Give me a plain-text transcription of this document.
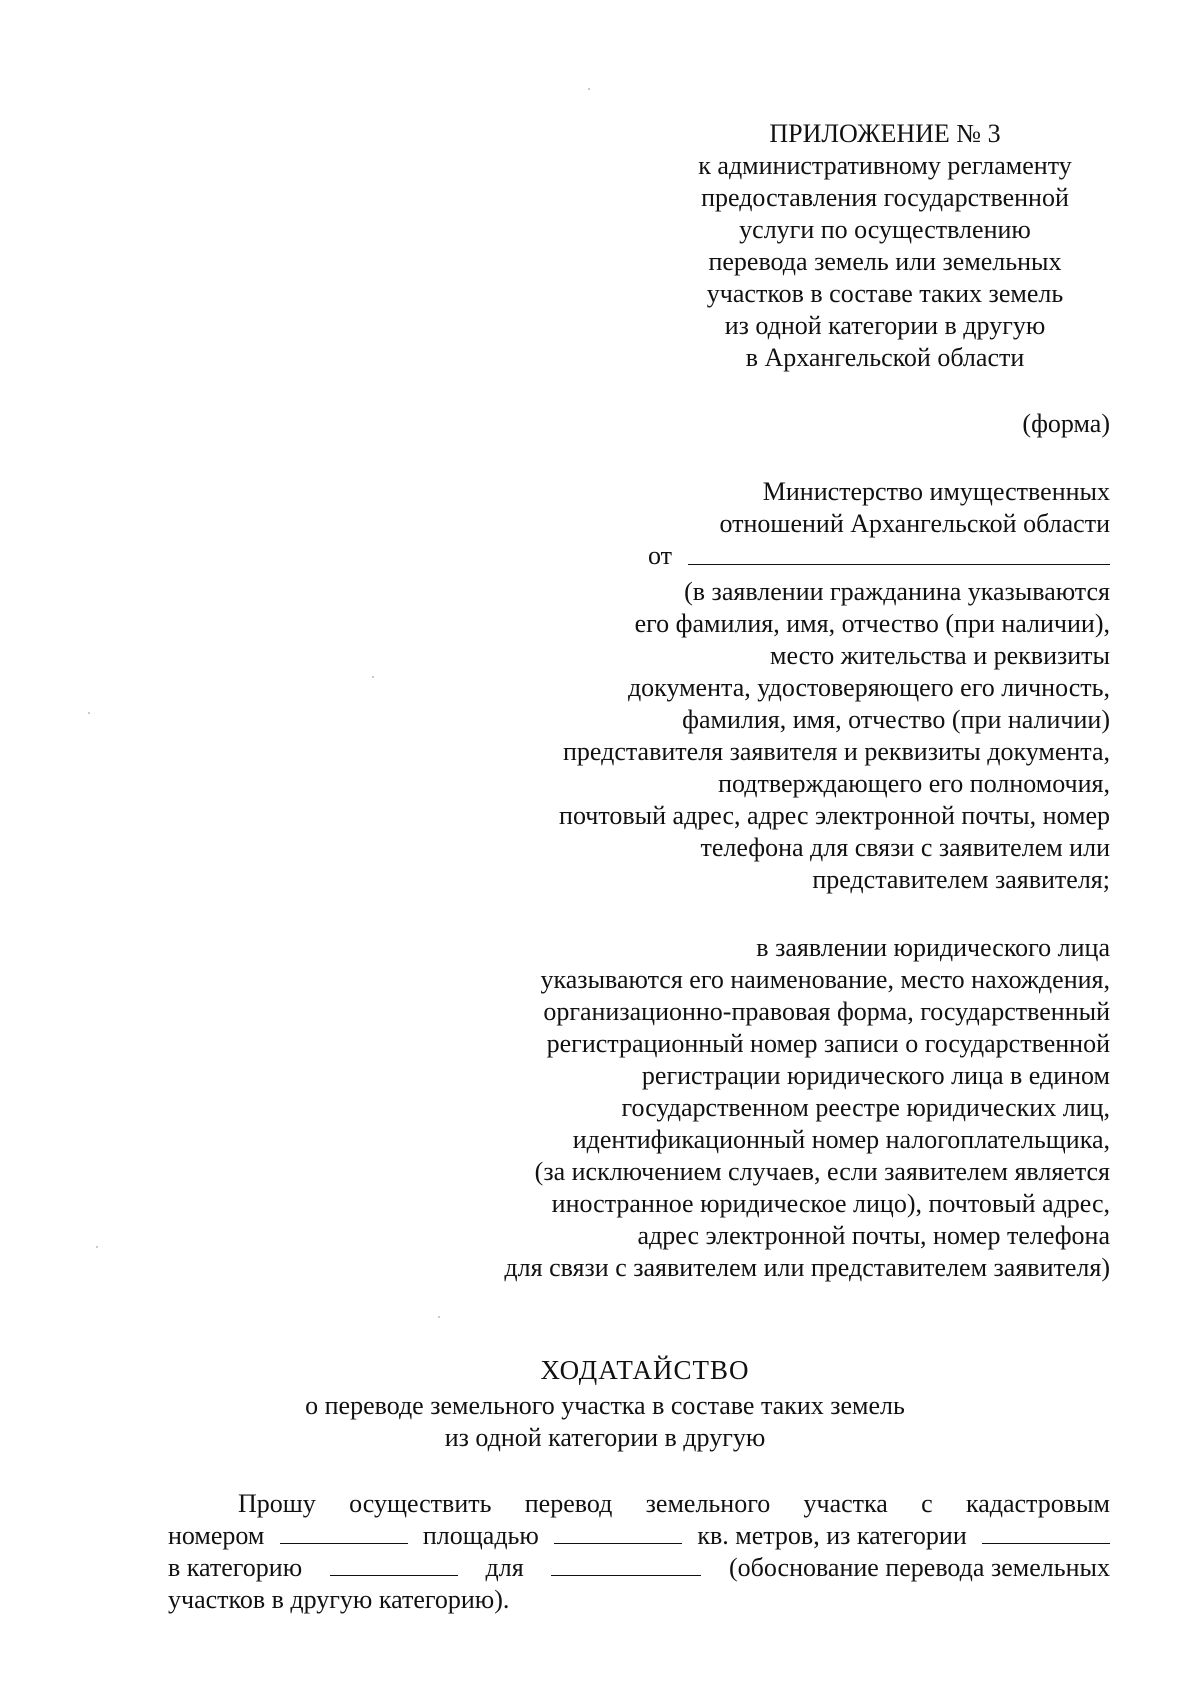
ПРИЛОЖЕНИЕ № 3
к административному регламенту
предоставления государственной
услуги по осуществлению
перевода земель или земельных
участков в составе таких земель
из одной категории в другую
в Архангельской области
(форма)
Министерство имущественных
отношений Архангельской области
от
(в заявлении гражданина указываются
его фамилия, имя, отчество (при наличии),
место жительства и реквизиты
документа, удостоверяющего его личность,
фамилия, имя, отчество (при наличии)
представителя заявителя и реквизиты документа,
подтверждающего его полномочия,
почтовый адрес, адрес электронной почты, номер
телефона для связи с заявителем или
представителем заявителя;
в заявлении юридического лица
указываются его наименование, место нахождения,
организационно-правовая форма, государственный
регистрационный номер записи о государственной
регистрации юридического лица в едином
государственном реестре юридических лиц,
идентификационный номер налогоплательщика,
(за исключением случаев, если заявителем является
иностранное юридическое лицо), почтовый адрес,
адрес электронной почты, номер телефона
для связи с заявителем или представителем заявителя)
ХОДАТАЙСТВО
о переводе земельного участка в составе таких земель
из одной категории в другую
Прошу осуществить перевод земельного участка с кадастровым
номером	площадью	кв. метров, из категории
в категорию	для	(обоснование перевода земельных
участков в другую категорию).
